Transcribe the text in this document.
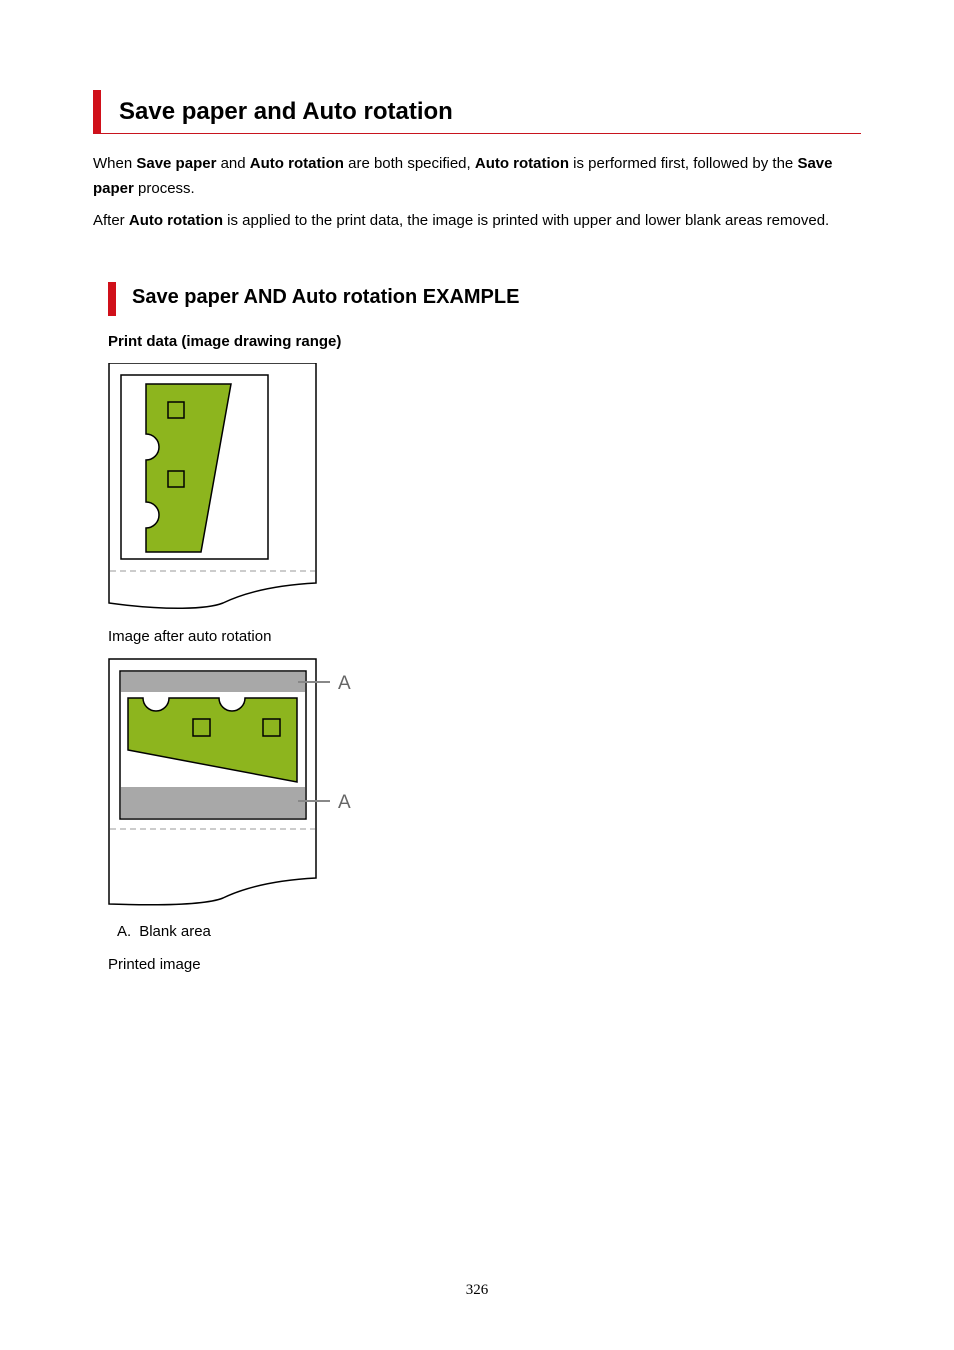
Save paper and Auto rotation
When Save paper and Auto rotation are both specified, Auto rotation is performed first, followed by the Save paper process.
After Auto rotation is applied to the print data, the image is printed with upper and lower blank areas removed.
Save paper AND Auto rotation EXAMPLE
Print data (image drawing range)
Image after auto rotation
A
A
A. Blank area
Printed image
326
